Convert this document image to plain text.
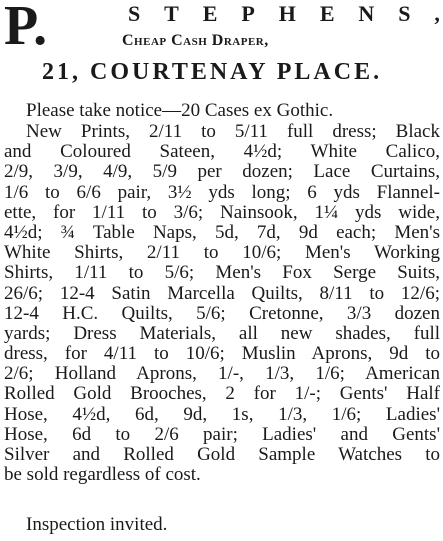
P.	S T E P H E N S ,
Cheap Cash Draper,
21, COURTENAY PLACE.
Please take notice—20 Cases ex Gothic.
New Prints, 2/11 to 5/11 full dress; Black
and Coloured Sateen, 4½d; White Calico,
2/9, 3/9, 4/9, 5/9 per dozen; Lace Curtains,
1/6 to 6/6 pair, 3½ yds long; 6 yds Flannel-
ette, for 1/11 to 3/6; Nainsook, 1¼ yds wide,
4½d; ¾ Table Naps, 5d, 7d, 9d each; Men's
White Shirts, 2/11 to 10/6; Men's Working
Shirts, 1/11 to 5/6; Men's Fox Serge Suits,
26/6; 12-4 Satin Marcella Quilts, 8/11 to 12/6;
12-4 H.C. Quilts, 5/6; Cretonne, 3/3 dozen
yards; Dress Materials, all new shades, full
dress, for 4/11 to 10/6; Muslin Aprons, 9d to
2/6; Holland Aprons, 1/-, 1/3, 1/6; American
Rolled Gold Brooches, 2 for 1/-; Gents' Half
Hose, 4½d, 6d, 9d, 1s, 1/3, 1/6; Ladies'
Hose, 6d to 2/6 pair; Ladies' and Gents'
Silver and Rolled Gold Sample Watches to
be sold regardless of cost.
Inspection invited.
